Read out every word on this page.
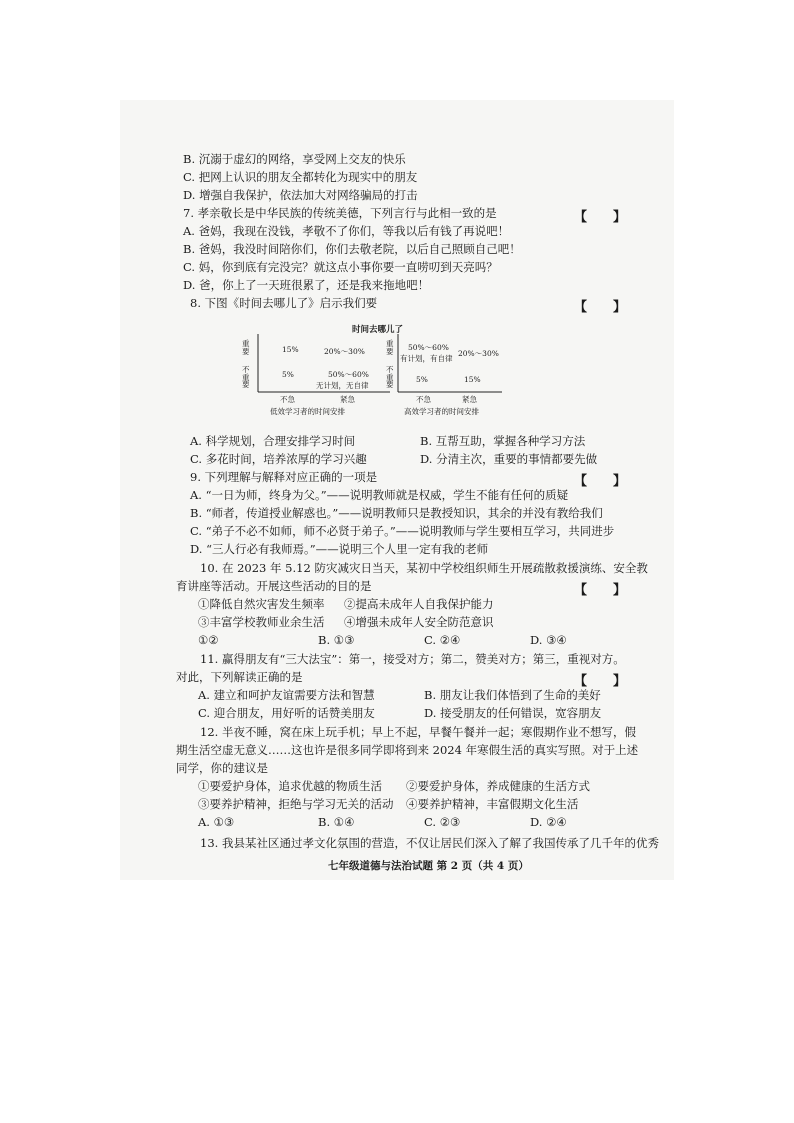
B. 沉溺于虚幻的网络，享受网上交友的快乐
C. 把网上认识的朋友全都转化为现实中的朋友
D. 增强自我保护，依法加大对网络骗局的打击
7. 孝亲敬长是中华民族的传统美德，下列言行与此相一致的是	【　　】
A. 爸妈，我现在没钱，孝敬不了你们，等我以后有钱了再说吧！
B. 爸妈，我没时间陪你们，你们去敬老院，以后自己照顾自己吧！
C. 妈，你到底有完没完？就这点小事你要一直唠叨到天亮吗？
D. 爸，你上了一天班很累了，还是我来拖地吧！
8. 下图《时间去哪儿了》启示我们要	【　　】
时间去哪儿了
重要
不重要
15%	20%～30%
5%	50%～60%
无计划，无自律
不急	紧急
低效学习者的时间安排
重要
不重要
50%～60%
有计划，有自律
20%～30%
5%	15%
不急	紧急
高效学习者的时间安排
A. 科学规划，合理安排学习时间	B. 互帮互助，掌握各种学习方法
C. 多花时间，培养浓厚的学习兴趣	D. 分清主次，重要的事情都要先做
9. 下列理解与解释对应正确的一项是	【　　】
A. “一日为师，终身为父。”——说明教师就是权威，学生不能有任何的质疑
B. “师者，传道授业解惑也。”——说明教师只是教授知识，其余的并没有教给我们
C. “弟子不必不如师，师不必贤于弟子。”——说明教师与学生要相互学习，共同进步
D. “三人行必有我师焉。”——说明三个人里一定有我的老师
10. 在 2023 年 5.12 防灾减灾日当天，某初中学校组织师生开展疏散救援演练、安全教
育讲座等活动。开展这些活动的目的是	【　　】
①降低自然灾害发生频率 ②提高未成年人自我保护能力
③丰富学校教师业余生活 ④增强未成年人安全防范意识
①②	B. ①③	C. ②④	D. ③④
11. 赢得朋友有“三大法宝”：第一，接受对方；第二，赞美对方；第三，重视对方。
对此，下列解读正确的是	【　　】
A. 建立和呵护友谊需要方法和智慧	B. 朋友让我们体悟到了生命的美好
C. 迎合朋友，用好听的话赞美朋友	D. 接受朋友的任何错误，宽容朋友
12. 半夜不睡，窝在床上玩手机；早上不起，早餐午餐并一起；寒假期作业不想写，假
期生活空虚无意义……这也许是很多同学即将到来 2024 年寒假生活的真实写照。对于上述
同学，你的建议是
①要爱护身体，追求优越的物质生活 ②要爱护身体，养成健康的生活方式
③要养护精神，拒绝与学习无关的活动 ④要养护精神，丰富假期文化生活
A. ①③	B. ①④	C. ②③	D. ②④
13. 我县某社区通过孝文化氛围的营造，不仅让居民们深入了解了我国传承了几千年的优秀
七年级道德与法治试题 第 2 页（共 4 页）
